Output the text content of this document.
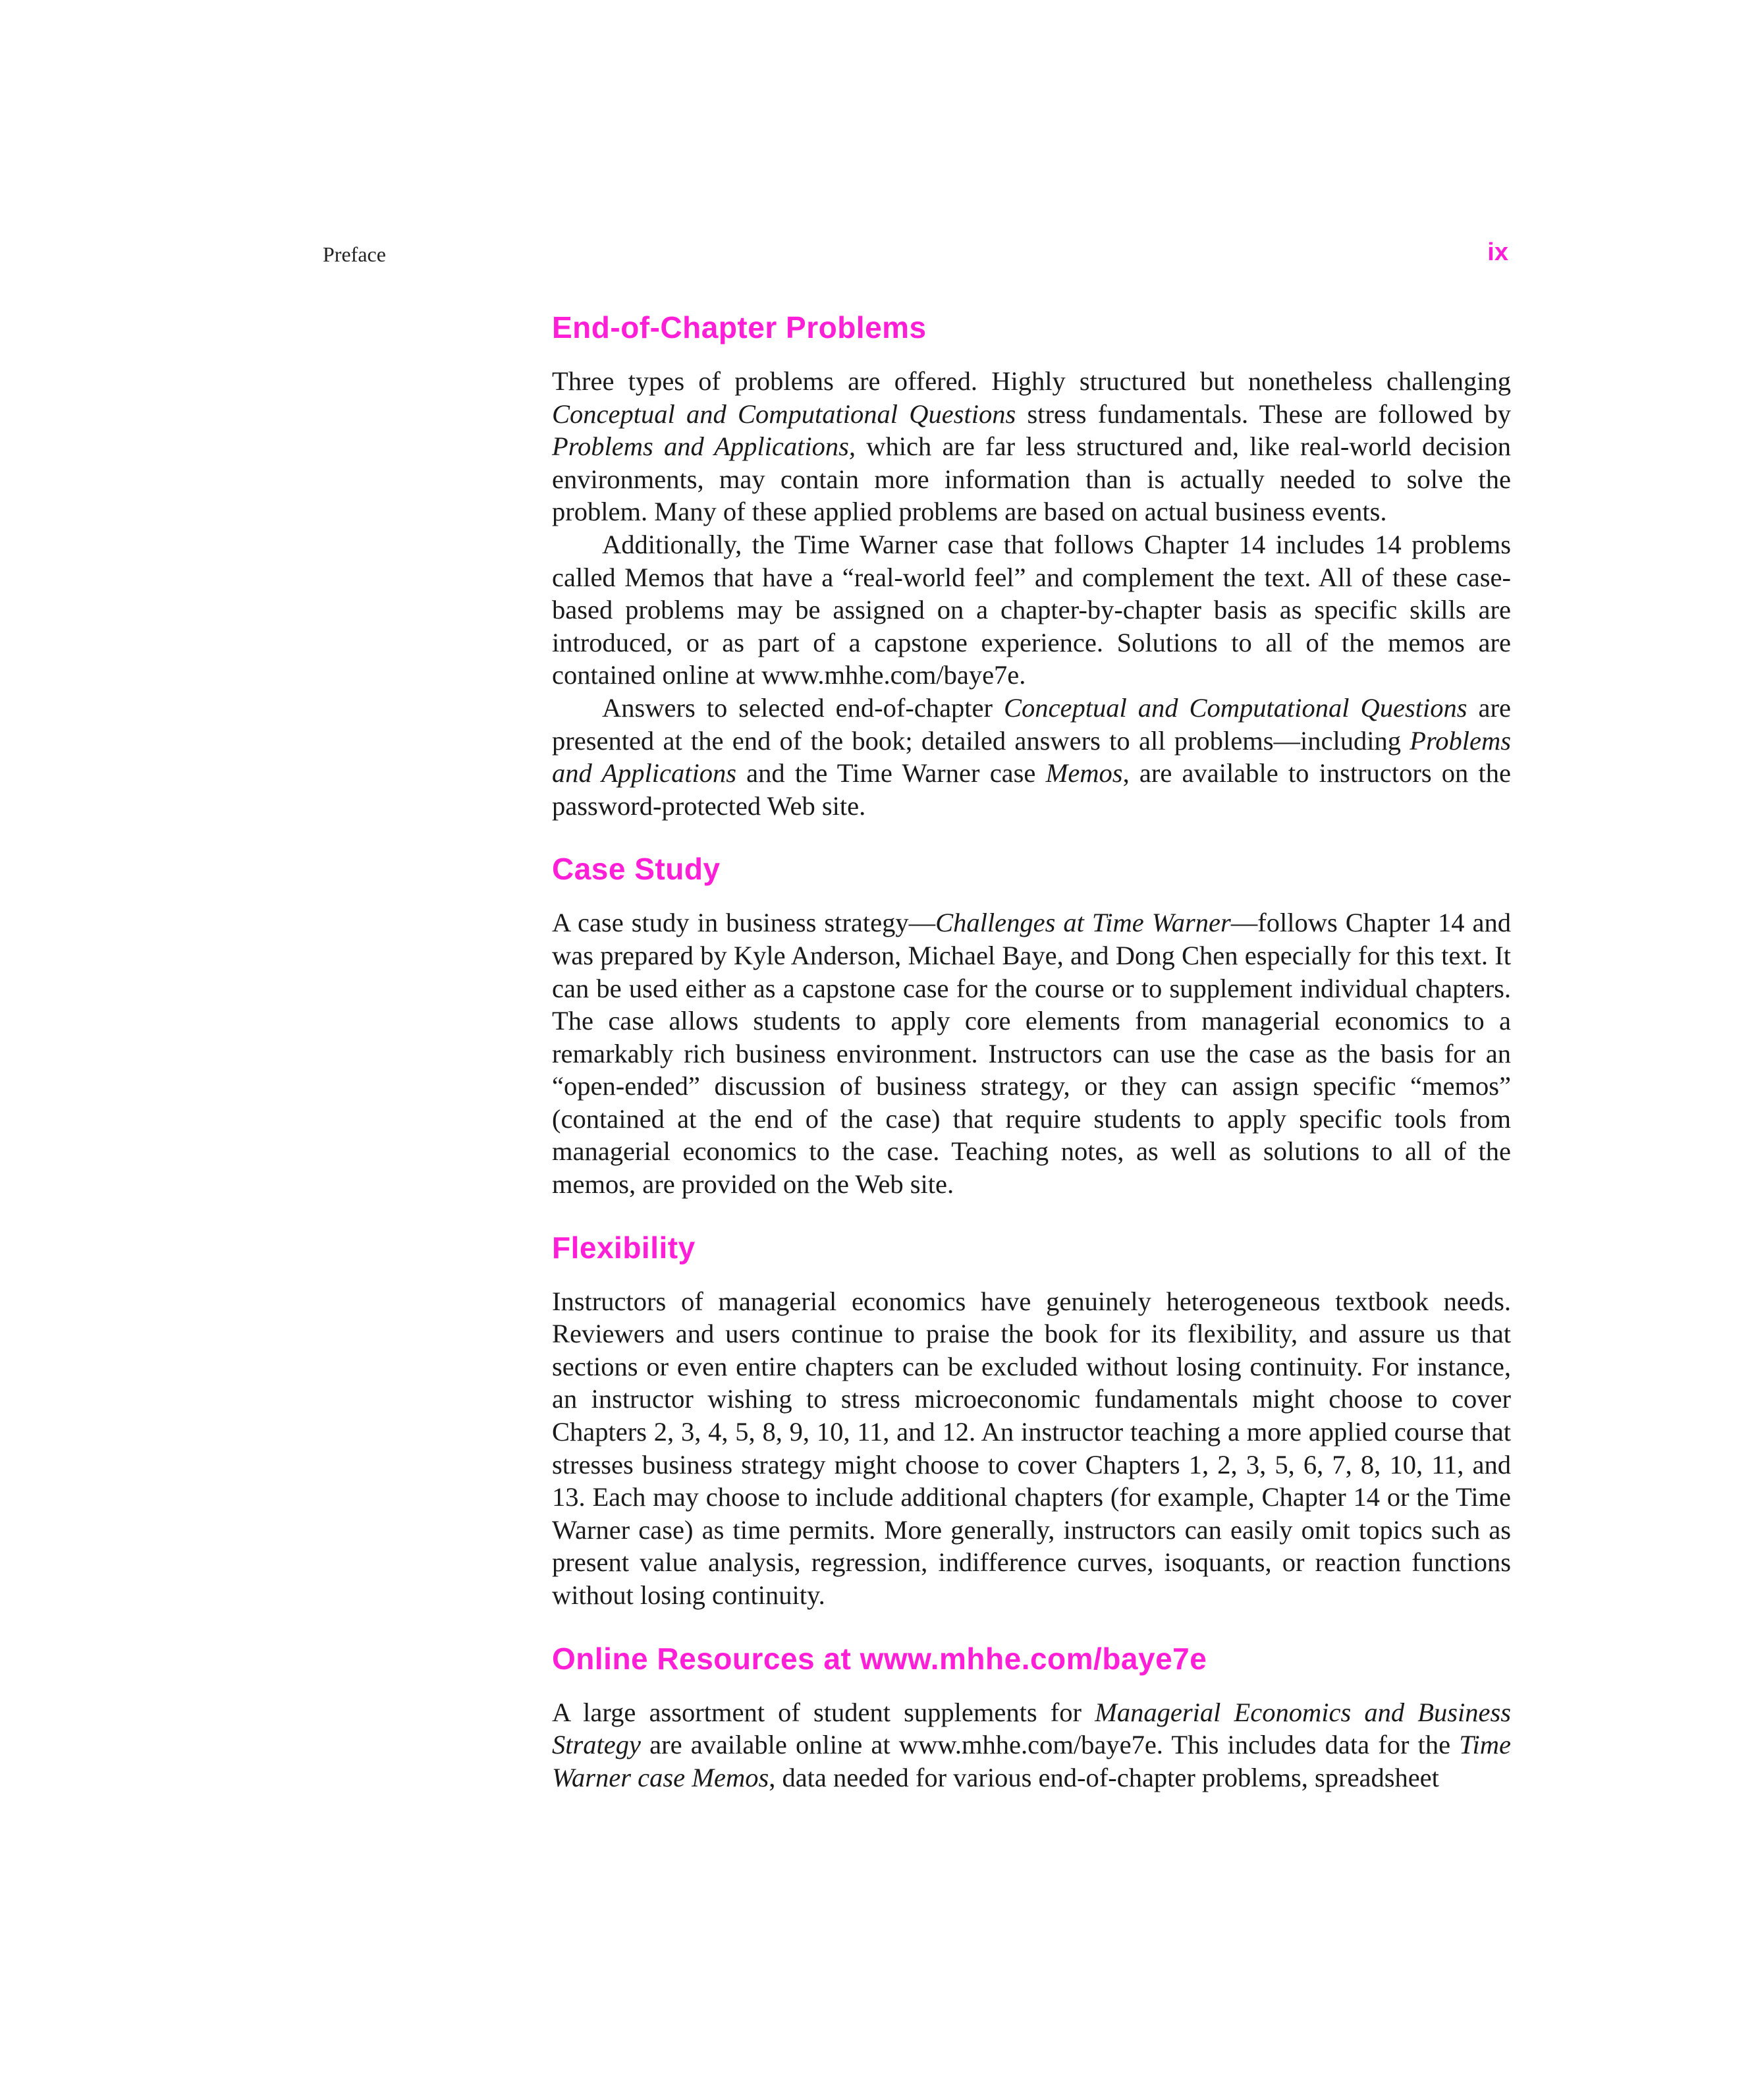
Preface	ix
End-of-Chapter Problems

Three types of problems are offered. Highly structured but nonetheless challenging Conceptual and Computational Questions stress fundamentals. These are followed by Problems and Applications, which are far less structured and, like real-world decision environments, may contain more information than is actually needed to solve the problem. Many of these applied problems are based on actual business events.

Additionally, the Time Warner case that follows Chapter 14 includes 14 problems called Memos that have a “real-world feel” and complement the text. All of these case-based problems may be assigned on a chapter-by-chapter basis as specific skills are introduced, or as part of a capstone experience. Solutions to all of the memos are contained online at www.mhhe.com/baye7e.

Answers to selected end-of-chapter Conceptual and Computational Questions are presented at the end of the book; detailed answers to all problems—including Problems and Applications and the Time Warner case Memos, are available to instructors on the password-protected Web site.

Case Study

A case study in business strategy—Challenges at Time Warner—follows Chapter 14 and was prepared by Kyle Anderson, Michael Baye, and Dong Chen especially for this text. It can be used either as a capstone case for the course or to supplement individual chapters. The case allows students to apply core elements from managerial economics to a remarkably rich business environment. Instructors can use the case as the basis for an “open-ended” discussion of business strategy, or they can assign specific “memos” (contained at the end of the case) that require students to apply specific tools from managerial economics to the case. Teaching notes, as well as solutions to all of the memos, are provided on the Web site.

Flexibility

Instructors of managerial economics have genuinely heterogeneous textbook needs. Reviewers and users continue to praise the book for its flexibility, and assure us that sections or even entire chapters can be excluded without losing continuity. For instance, an instructor wishing to stress microeconomic fundamentals might choose to cover Chapters 2, 3, 4, 5, 8, 9, 10, 11, and 12. An instructor teaching a more applied course that stresses business strategy might choose to cover Chapters 1, 2, 3, 5, 6, 7, 8, 10, 11, and 13. Each may choose to include additional chapters (for example, Chapter 14 or the Time Warner case) as time permits. More generally, instructors can easily omit topics such as present value analysis, regression, indifference curves, isoquants, or reaction functions without losing continuity.

Online Resources at www.mhhe.com/baye7e

A large assortment of student supplements for Managerial Economics and Business Strategy are available online at www.mhhe.com/baye7e. This includes data for the Time Warner case Memos, data needed for various end-of-chapter problems, spreadsheet
